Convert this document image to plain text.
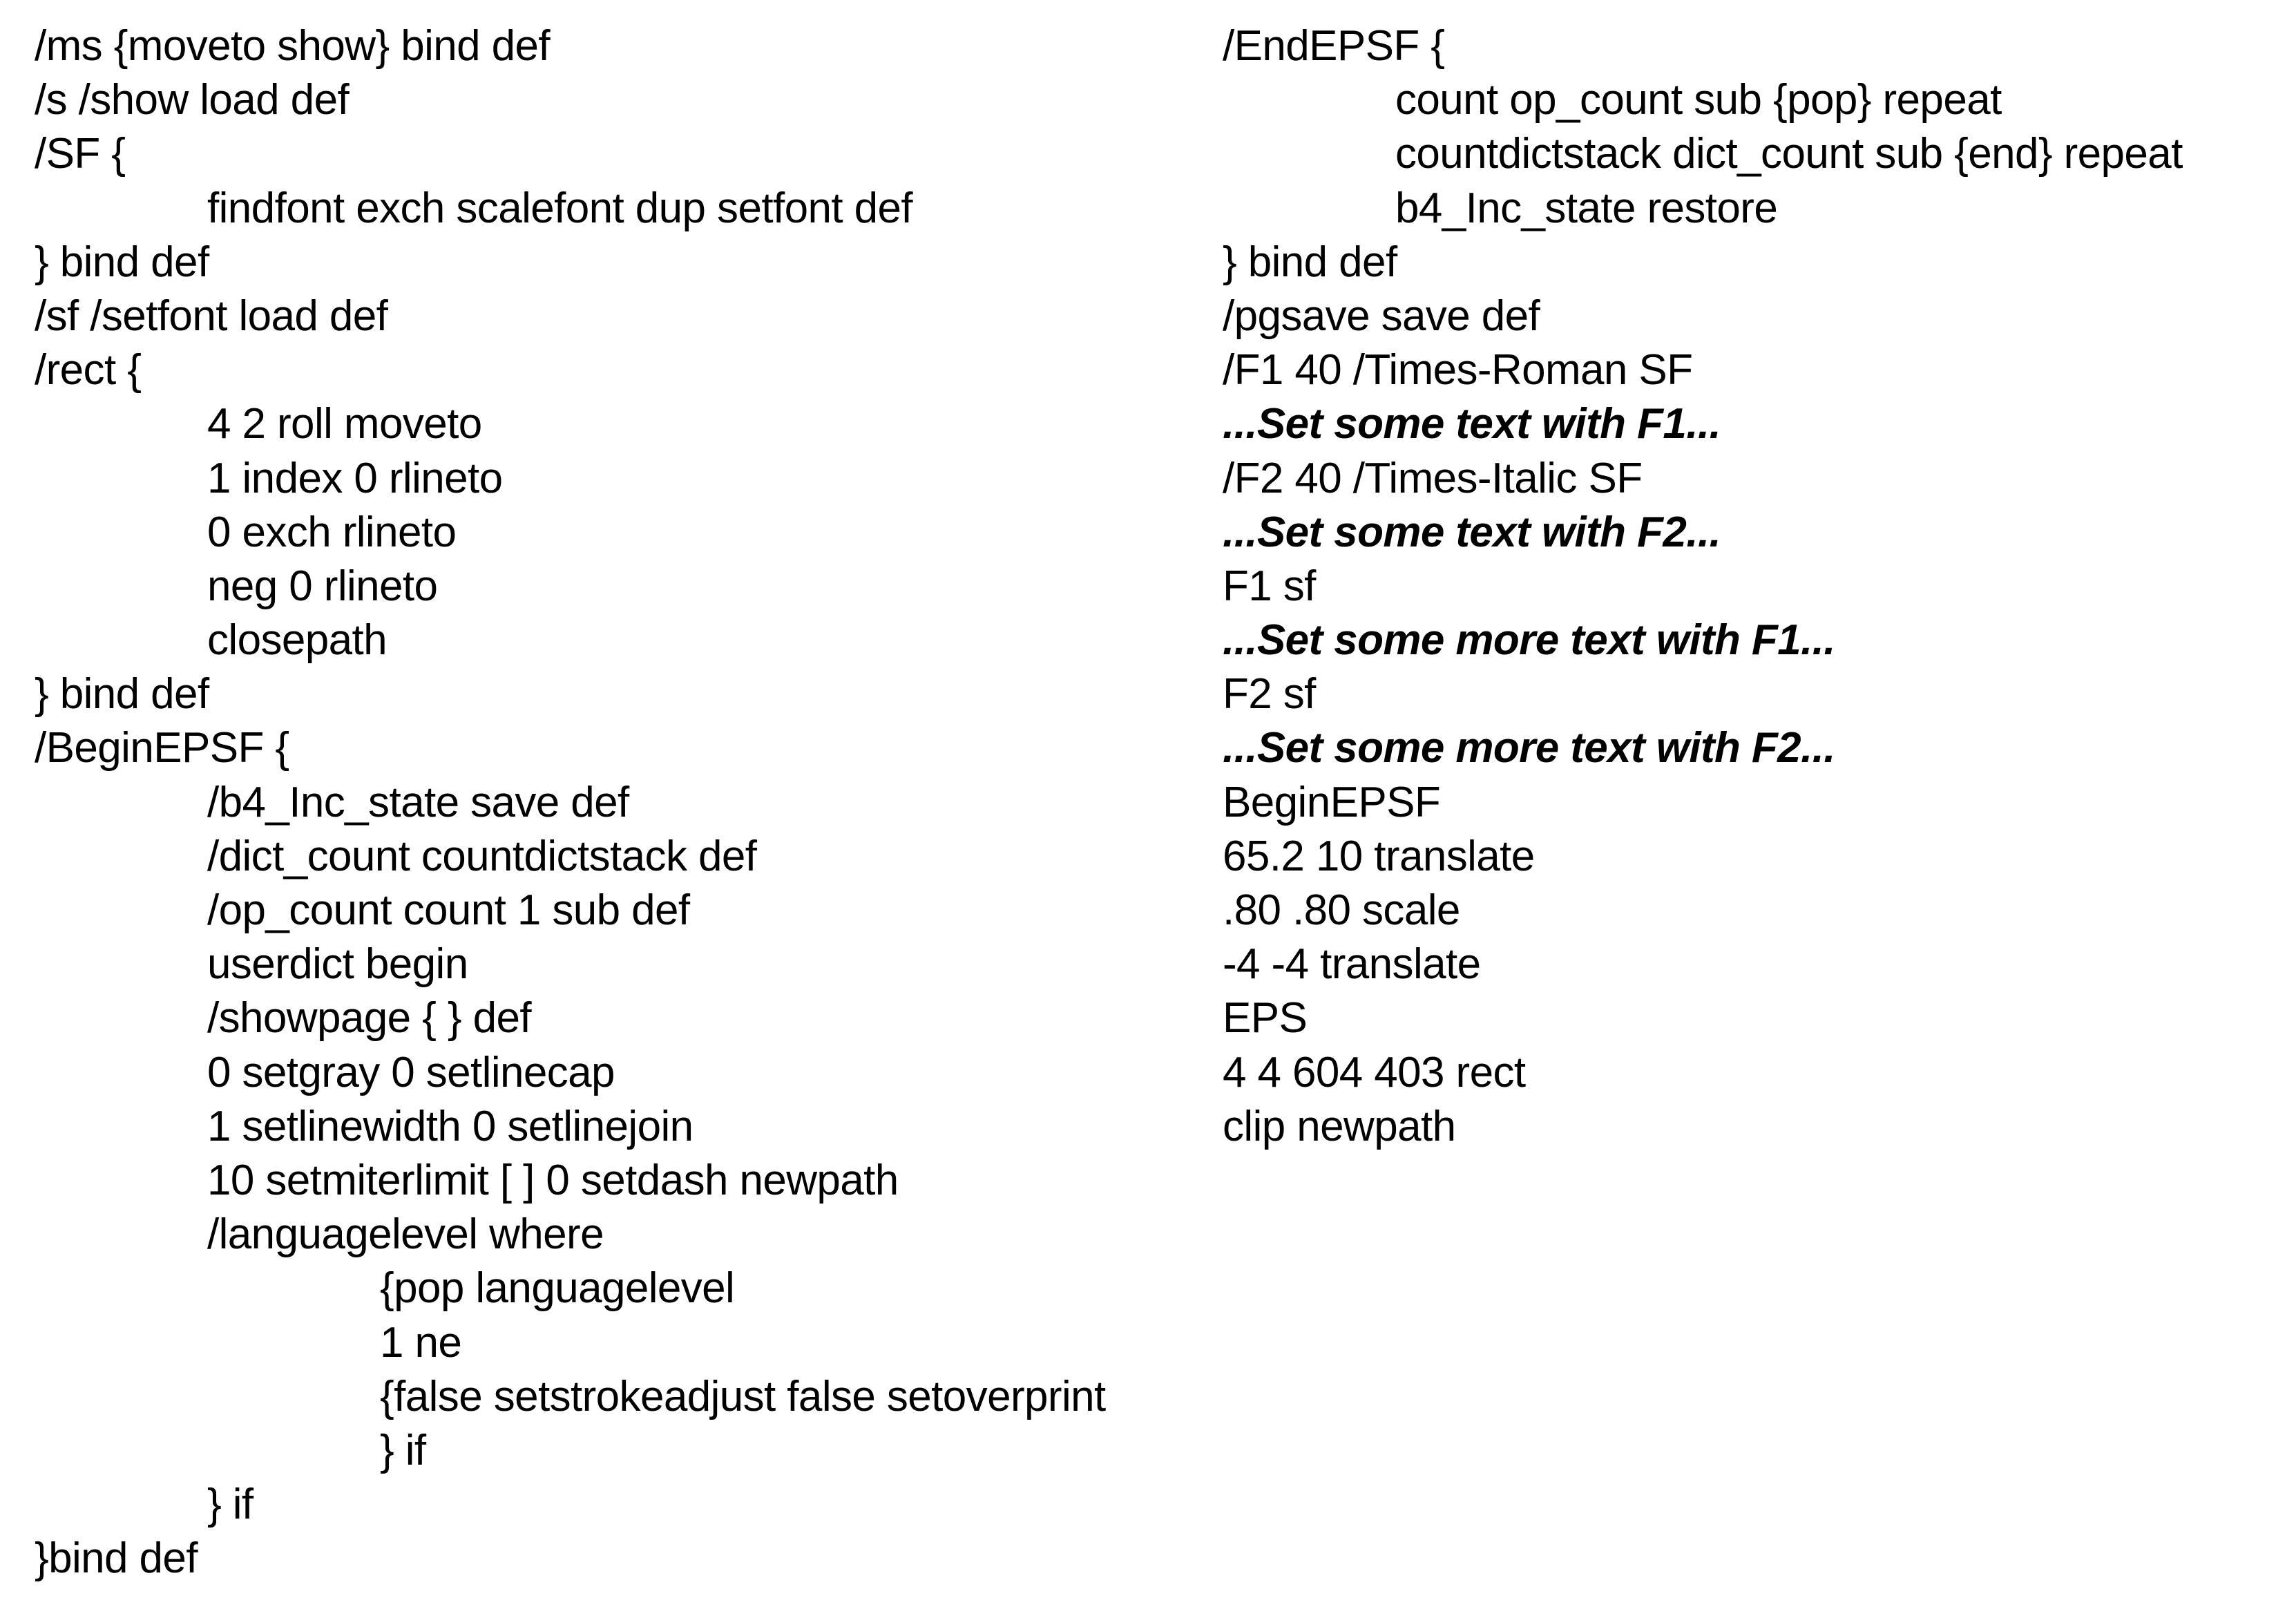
/ms {moveto show} bind def
/s /show load def
/SF {
findfont exch scalefont dup setfont def
} bind def
/sf /setfont load def
/rect {
4 2 roll moveto
1 index 0 rlineto
0 exch rlineto
neg 0 rlineto
closepath
} bind def
/BeginEPSF {
/b4_Inc_state save def
/dict_count countdictstack def
/op_count count 1 sub def
userdict begin
/showpage { } def
0 setgray 0 setlinecap
1 setlinewidth 0 setlinejoin
10 setmiterlimit [ ] 0 setdash newpath
/languagelevel where
{pop languagelevel
1 ne
{false setstrokeadjust false setoverprint
} if
} if
}bind def
/EndEPSF {
count op_count sub {pop} repeat
countdictstack dict_count sub {end} repeat
b4_Inc_state restore
} bind def
/pgsave save def
/F1 40 /Times-Roman SF
...Set some text with F1...
/F2 40 /Times-Italic SF
...Set some text with F2...
F1 sf
...Set some more text with F1...
F2 sf
...Set some more text with F2...
BeginEPSF
65.2 10 translate
.80 .80 scale
-4 -4 translate
EPS
4 4 604 403 rect
clip newpath
